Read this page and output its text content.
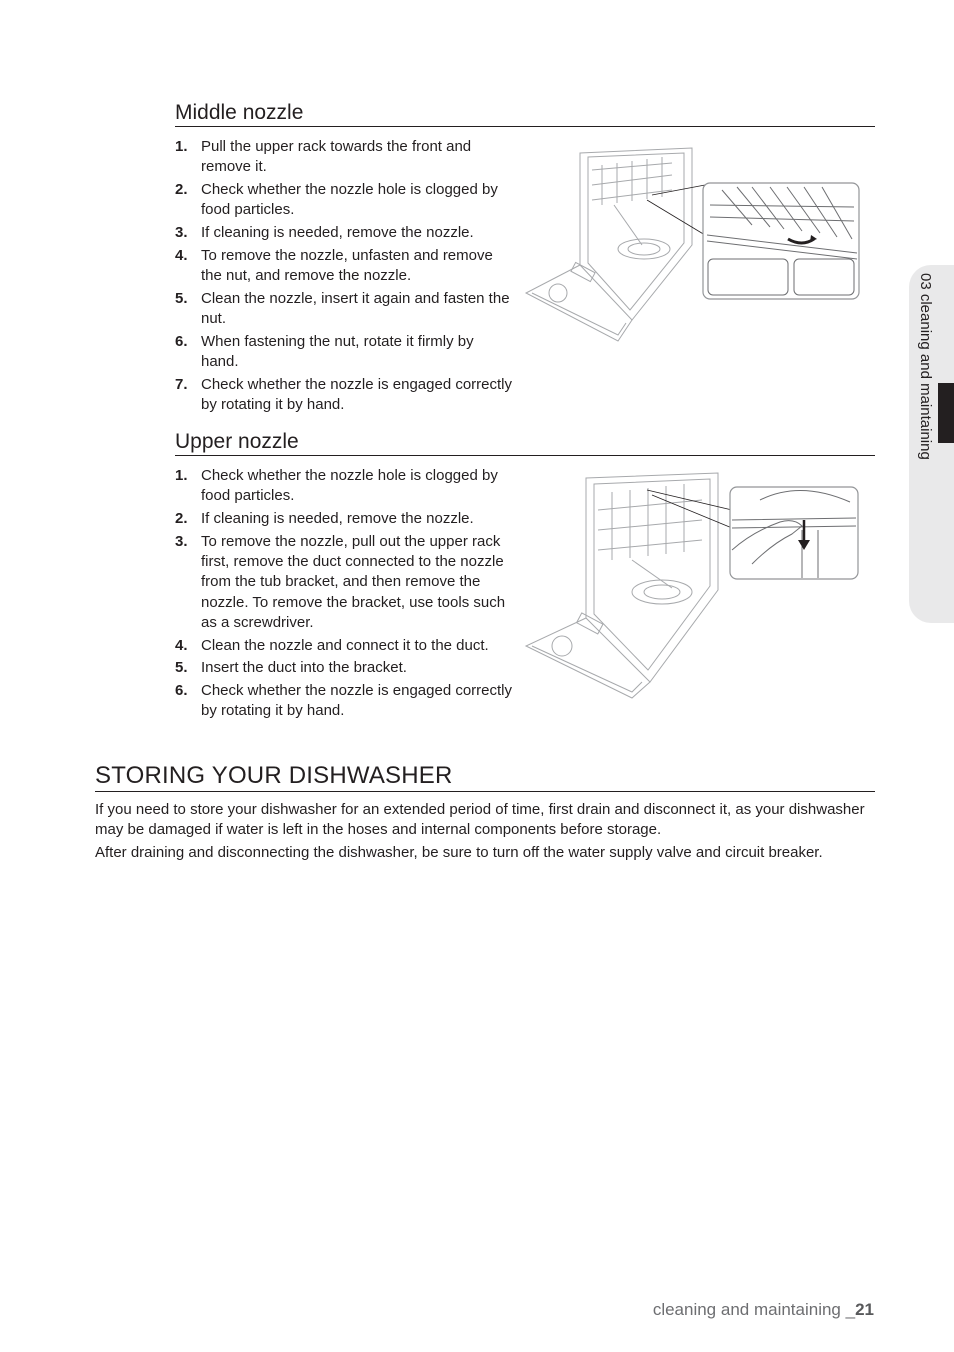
Middle nozzle
1. Pull the upper rack towards the front and remove it.
2. Check whether the nozzle hole is clogged by food particles.
3. If cleaning is needed, remove the nozzle.
4. To remove the nozzle, unfasten and remove the nut, and remove the nozzle.
5. Clean the nozzle, insert it again and fasten the nut.
6. When fastening the nut, rotate it firmly by hand.
7. Check whether the nozzle is engaged correctly by rotating it by hand.
Upper nozzle
1. Check whether the nozzle hole is clogged by food particles.
2. If cleaning is needed, remove the nozzle.
3. To remove the nozzle, pull out the upper rack first, remove the duct connected to the nozzle from the tub bracket, and then remove the nozzle. To remove the bracket, use tools such as a screwdriver.
4. Clean the nozzle and connect it to the duct.
5. Insert the duct into the bracket.
6. Check whether the nozzle is engaged correctly by rotating it by hand.
STORING YOUR DISHWASHER

If you need to store your dishwasher for an extended period of time, first drain and disconnect it, as your dishwasher may be damaged if water is left in the hoses and internal components before storage.

After draining and disconnecting the dishwasher, be sure to turn off the water supply valve and circuit breaker.

03 cleaning and maintaining
cleaning and maintaining _21
